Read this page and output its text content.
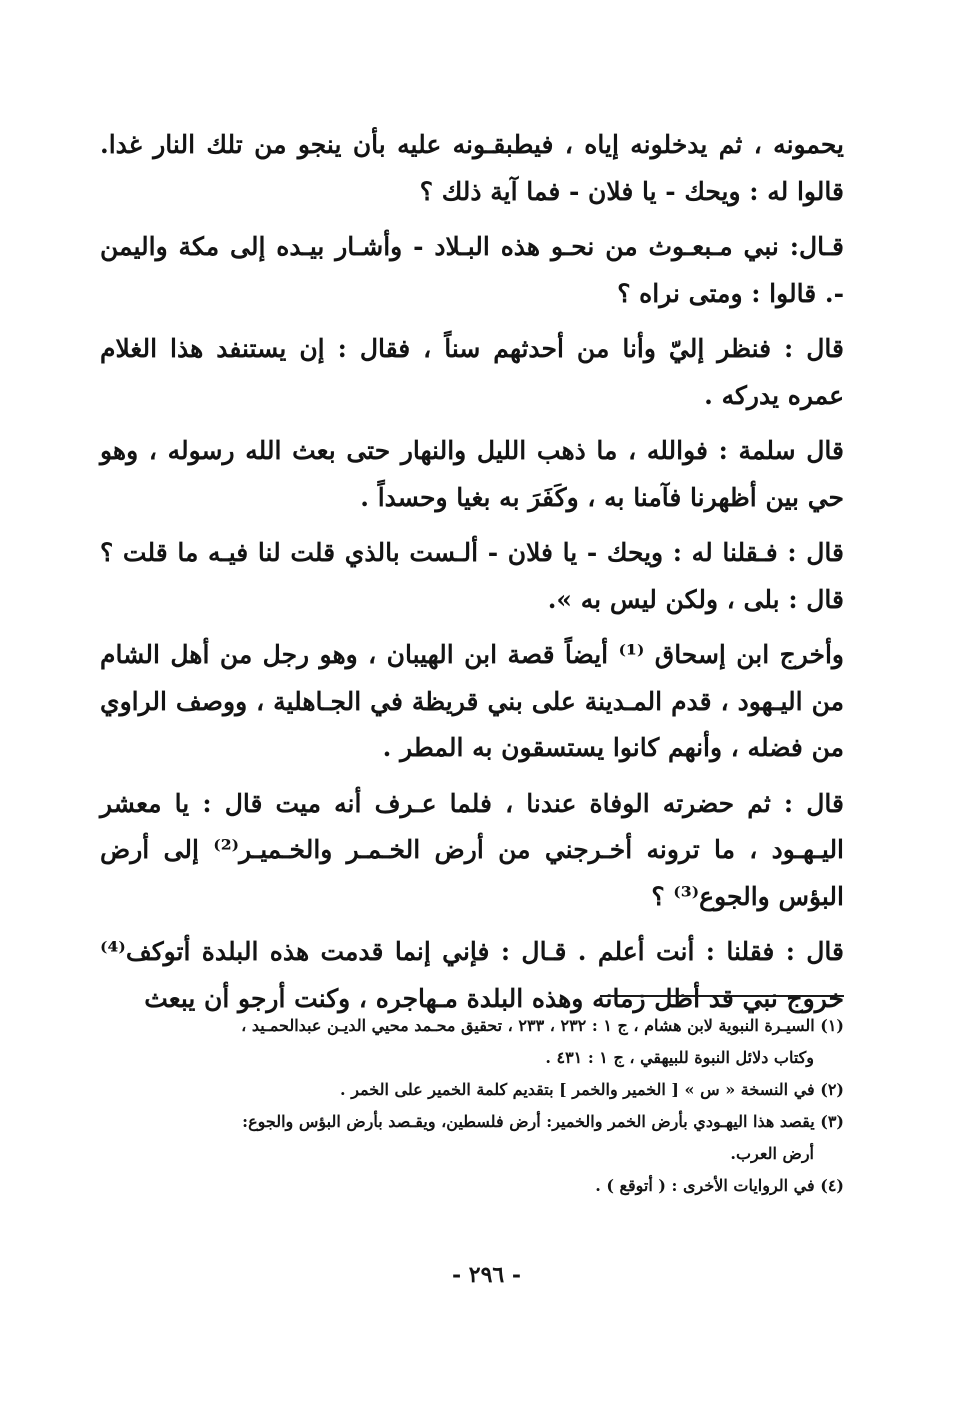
يحمونه ، ثم يدخلونه إياه ، فيطبقـونه عليه بأن ينجو من تلك النار غدا. قالوا له : ويحك - يا فلان - فما آية ذلك ؟

قـال: نبي مـبعـوث من نحـو هذه البـلاد - وأشـار بيـده إلى مكة واليمن -. قالوا : ومتى نراه ؟

قال : فنظر إليّ وأنا من أحدثهم سناً ، فقال : إن يستنفد هذا الغلام عمره يدركه .

قال سلمة : فوالله ، ما ذهب الليل والنهار حتى بعث الله رسوله ، وهو حي بين أظهرنا فآمنا به ، وكَفَرَ به بغيا وحسداً .

قال : فـقلنا له : ويحك - يا فلان - ألـست بالذي قلت لنا فيـه ما قلت ؟ قال : بلى ، ولكن ليس به ».

وأخرج ابن إسحاق ⁽¹⁾ أيضاً قصة ابن الهيبان ، وهو رجل من أهل الشام من اليـهود ، قدم المـدينة على بني قريظة في الجـاهلية ، ووصف الراوي من فضله ، وأنهم كانوا يستسقون به المطر .

قال : ثم حضرته الوفاة عندنا ، فلما عـرف أنه ميت قال : يا معشر اليـهـود ، ما ترونه أخـرجني من أرض الخـمـر والخـميـر⁽²⁾ إلى أرض البؤس والجوع⁽³⁾ ؟

قال : فقلنا : أنت أعلم . قـال : فإني إنما قدمت هذه البلدة أتوكف⁽⁴⁾ خروج نبي قد أظل زمانه وهذه البلدة مـهاجره ، وكنت أرجو أن يبعث

(١) السيـرة النبوية لابن هشام ، ج ١ : ٢٣٢ ، ٢٣٣ ، تحقيق محـمد محيي الديـن عبدالحمـيد ،
وكتاب دلائل النبوة للبيهقي ، ج ١ : ٤٣١ .
(٢) في النسخة « س » [ الخمير والخمر ] بتقديم كلمة الخمير على الخمر .
(٣) يقصد هذا اليهـودي بأرض الخمر والخمير: أرض فلسطين، ويقـصد بأرض البؤس والجوع:
أرض العرب.
(٤) في الروايات الأخرى : ( أتوقع ) .
- ٢٩٦ -
